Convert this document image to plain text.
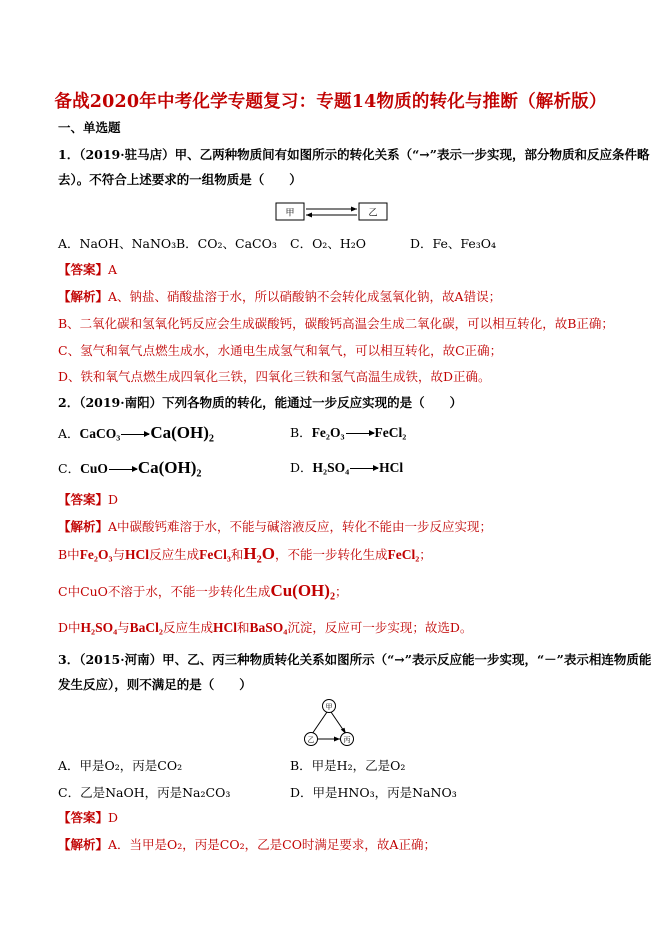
备战2020年中考化学专题复习：专题14物质的转化与推断（解析版）
一、单选题
1．（2019·驻马店）甲、乙两种物质间有如图所示的转化关系（“→”表示一步实现，部分物质和反应条件略
去）。不符合上述要求的一组物质是（　　）
甲	乙
A．NaOH、NaNO₃ B．CO₂、CaCO₃ C．O₂、H₂O	D．Fe、Fe₃O₄
【答案】A
【解析】A、钠盐、硝酸盐溶于水，所以硝酸钠不会转化成氢氧化钠，故A错误；
B、二氧化碳和氢氧化钙反应会生成碳酸钙，碳酸钙高温会生成二氧化碳，可以相互转化，故B正确；
C、氢气和氧气点燃生成水，水通电生成氢气和氧气，可以相互转化，故C正确；
D、铁和氧气点燃生成四氧化三铁，四氧化三铁和氢气高温生成铁，故D正确。
2．（2019·南阳）下列各物质的转化，能通过一步反应实现的是（　　）
A．CaCO₃ Ca(OH)₂	B．Fe₂O₃ FeCl₂
C．CuO Ca(OH)₂	D．H₂SO₄ HCl
【答案】D
【解析】A中碳酸钙难溶于水，不能与碱溶液反应，转化不能由一步反应实现；
B中Fe₂O₃与HCl反应生成FeCl₃和H₂O，不能一步转化生成FeCl₂；
C中CuO不溶于水，不能一步转化生成Cu(OH)₂；
D中H₂SO₄与BaCl₂反应生成HCl和BaSO₄沉淀，反应可一步实现；故选D。
3．（2015·河南）甲、乙、丙三种物质转化关系如图所示（“→”表示反应能一步实现，“－”表示相连物质能
发生反应），则不满足的是（　　）
甲
乙	丙
A．甲是O₂，丙是CO₂	B．甲是H₂，乙是O₂
C．乙是NaOH，丙是Na₂CO₃	D．甲是HNO₃，丙是NaNO₃
【答案】D
【解析】A．当甲是O₂，丙是CO₂，乙是CO时满足要求，故A正确；
